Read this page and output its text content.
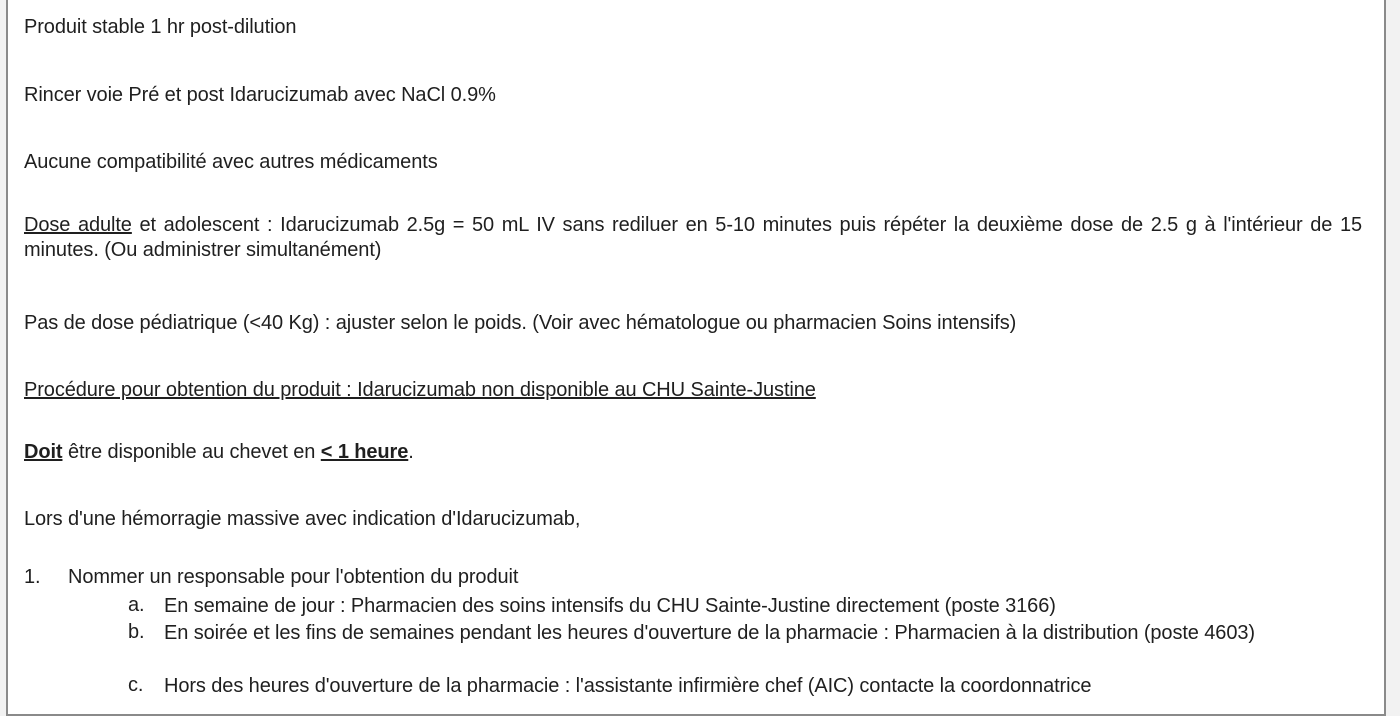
Produit stable 1 hr post-dilution
Rincer voie Pré et post Idarucizumab avec NaCl 0.9%
Aucune compatibilité avec autres médicaments
Dose adulte et adolescent : Idarucizumab 2.5g = 50 mL IV sans rediluer en 5-10 minutes puis répéter la deuxième dose de 2.5 g à l'intérieur de 15 minutes. (Ou administrer simultanément)
Pas de dose pédiatrique (<40 Kg) : ajuster selon le poids. (Voir avec hématologue ou pharmacien Soins intensifs)
Procédure pour obtention du produit : Idarucizumab non disponible au CHU Sainte-Justine
Doit être disponible au chevet en < 1 heure.
Lors d'une hémorragie massive avec indication d'Idarucizumab,
1. Nommer un responsable pour l'obtention du produit
a. En semaine de jour : Pharmacien des soins intensifs du CHU Sainte-Justine directement (poste 3166)
b. En soirée et les fins de semaines pendant les heures d'ouverture de la pharmacie : Pharmacien à la distribution (poste 4603)
c. Hors des heures d'ouverture de la pharmacie : l'assistante infirmière chef (AIC) contacte la coordonnatrice
